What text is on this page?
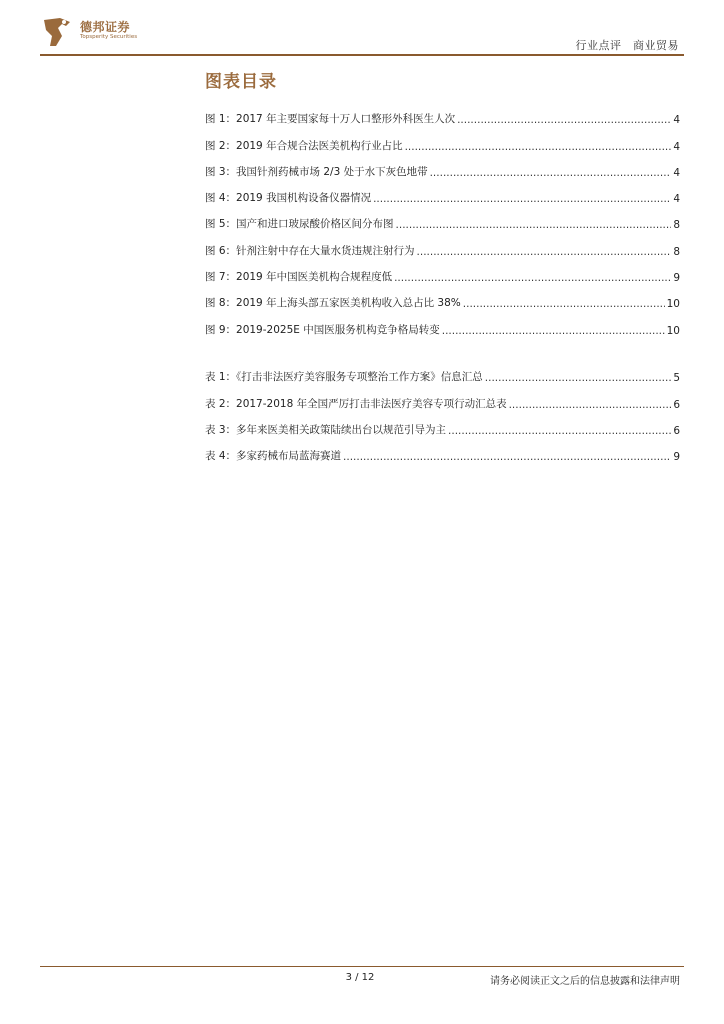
德邦证券
Topsperity Securities
行业点评　商业贸易
图表目录
图 1：2017 年主要国家每十万人口整形外科医生人次 .....	4
图 2：2019 年合规合法医美机构行业占比 .....	4
图 3：我国针剂药械市场 2/3 处于水下灰色地带 .....	4
图 4：2019 我国机构设备仪器情况 .....	4
图 5：国产和进口玻尿酸价格区间分布图 .....	8
图 6：针剂注射中存在大量水货违规注射行为 .....	8
图 7：2019 年中国医美机构合规程度低 .....	9
图 8：2019 年上海头部五家医美机构收入总占比 38% .....	10
图 9：2019-2025E 中国医服务机构竞争格局转变 .....	10
表 1：《打击非法医疗美容服务专项整治工作方案》信息汇总 .....	5
表 2：2017-2018 年全国严厉打击非法医疗美容专项行动汇总表 .....	6
表 3：多年来医美相关政策陆续出台以规范引导为主 .....	6
表 4：多家药械布局蓝海赛道 .....	9
3 / 12	请务必阅读正文之后的信息披露和法律声明
